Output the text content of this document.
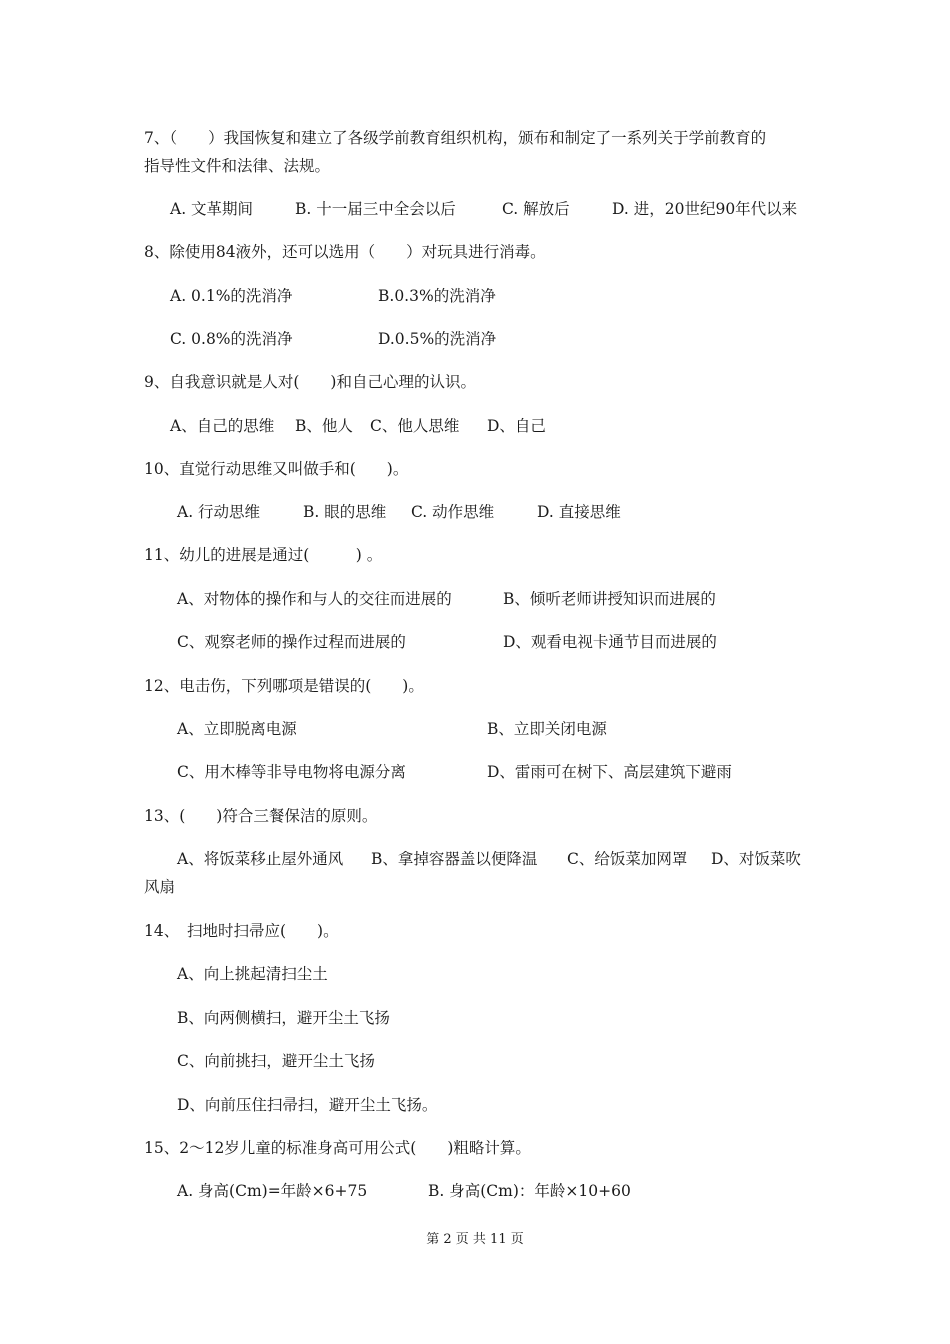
7、（　　）我国恢复和建立了各级学前教育组织机构，颁布和制定了一系列关于学前教育的
指导性文件和法律、法规。
A. 文革期间	B. 十一届三中全会以后	C. 解放后	D. 进，20世纪90年代以来
8、除使用84液外，还可以选用（　　）对玩具进行消毒。
A. 0.1%的洗消净	B.0.3%的洗消净
C. 0.8%的洗消净	D.0.5%的洗消净
9、自我意识就是人对(　　)和自己心理的认识。
A、自己的思维 B、他人 C、他人思维 D、自己
10、直觉行动思维又叫做手和(　　)。
A. 行动思维	B. 眼的思维 C. 动作思维	D. 直接思维
11、幼儿的进展是通过(　　　) 。
A、对物体的操作和与人的交往而进展的	B、倾听老师讲授知识而进展的
C、观察老师的操作过程而进展的	D、观看电视卡通节目而进展的
12、电击伤，下列哪项是错误的(　　)。
A、立即脱离电源	B、立即关闭电源
C、用木棒等非导电物将电源分离	D、雷雨可在树下、高层建筑下避雨
13、(　　)符合三餐保洁的原则。
A、将饭菜移止屋外通风 B、拿掉容器盖以便降温 C、给饭菜加网罩 D、对饭菜吹
风扇
14、　扫地时扫帚应(　　)。
A、向上挑起清扫尘土
B、向两侧横扫，避开尘土飞扬
C、向前挑扫，避开尘土飞扬
D、向前压住扫帚扫，避开尘土飞扬。
15、2～12岁儿童的标准身高可用公式(　　)粗略计算。
A. 身高(Cm)=年龄×6+75	B. 身高(Cm)：年龄×10+60
第 2 页 共 11 页
